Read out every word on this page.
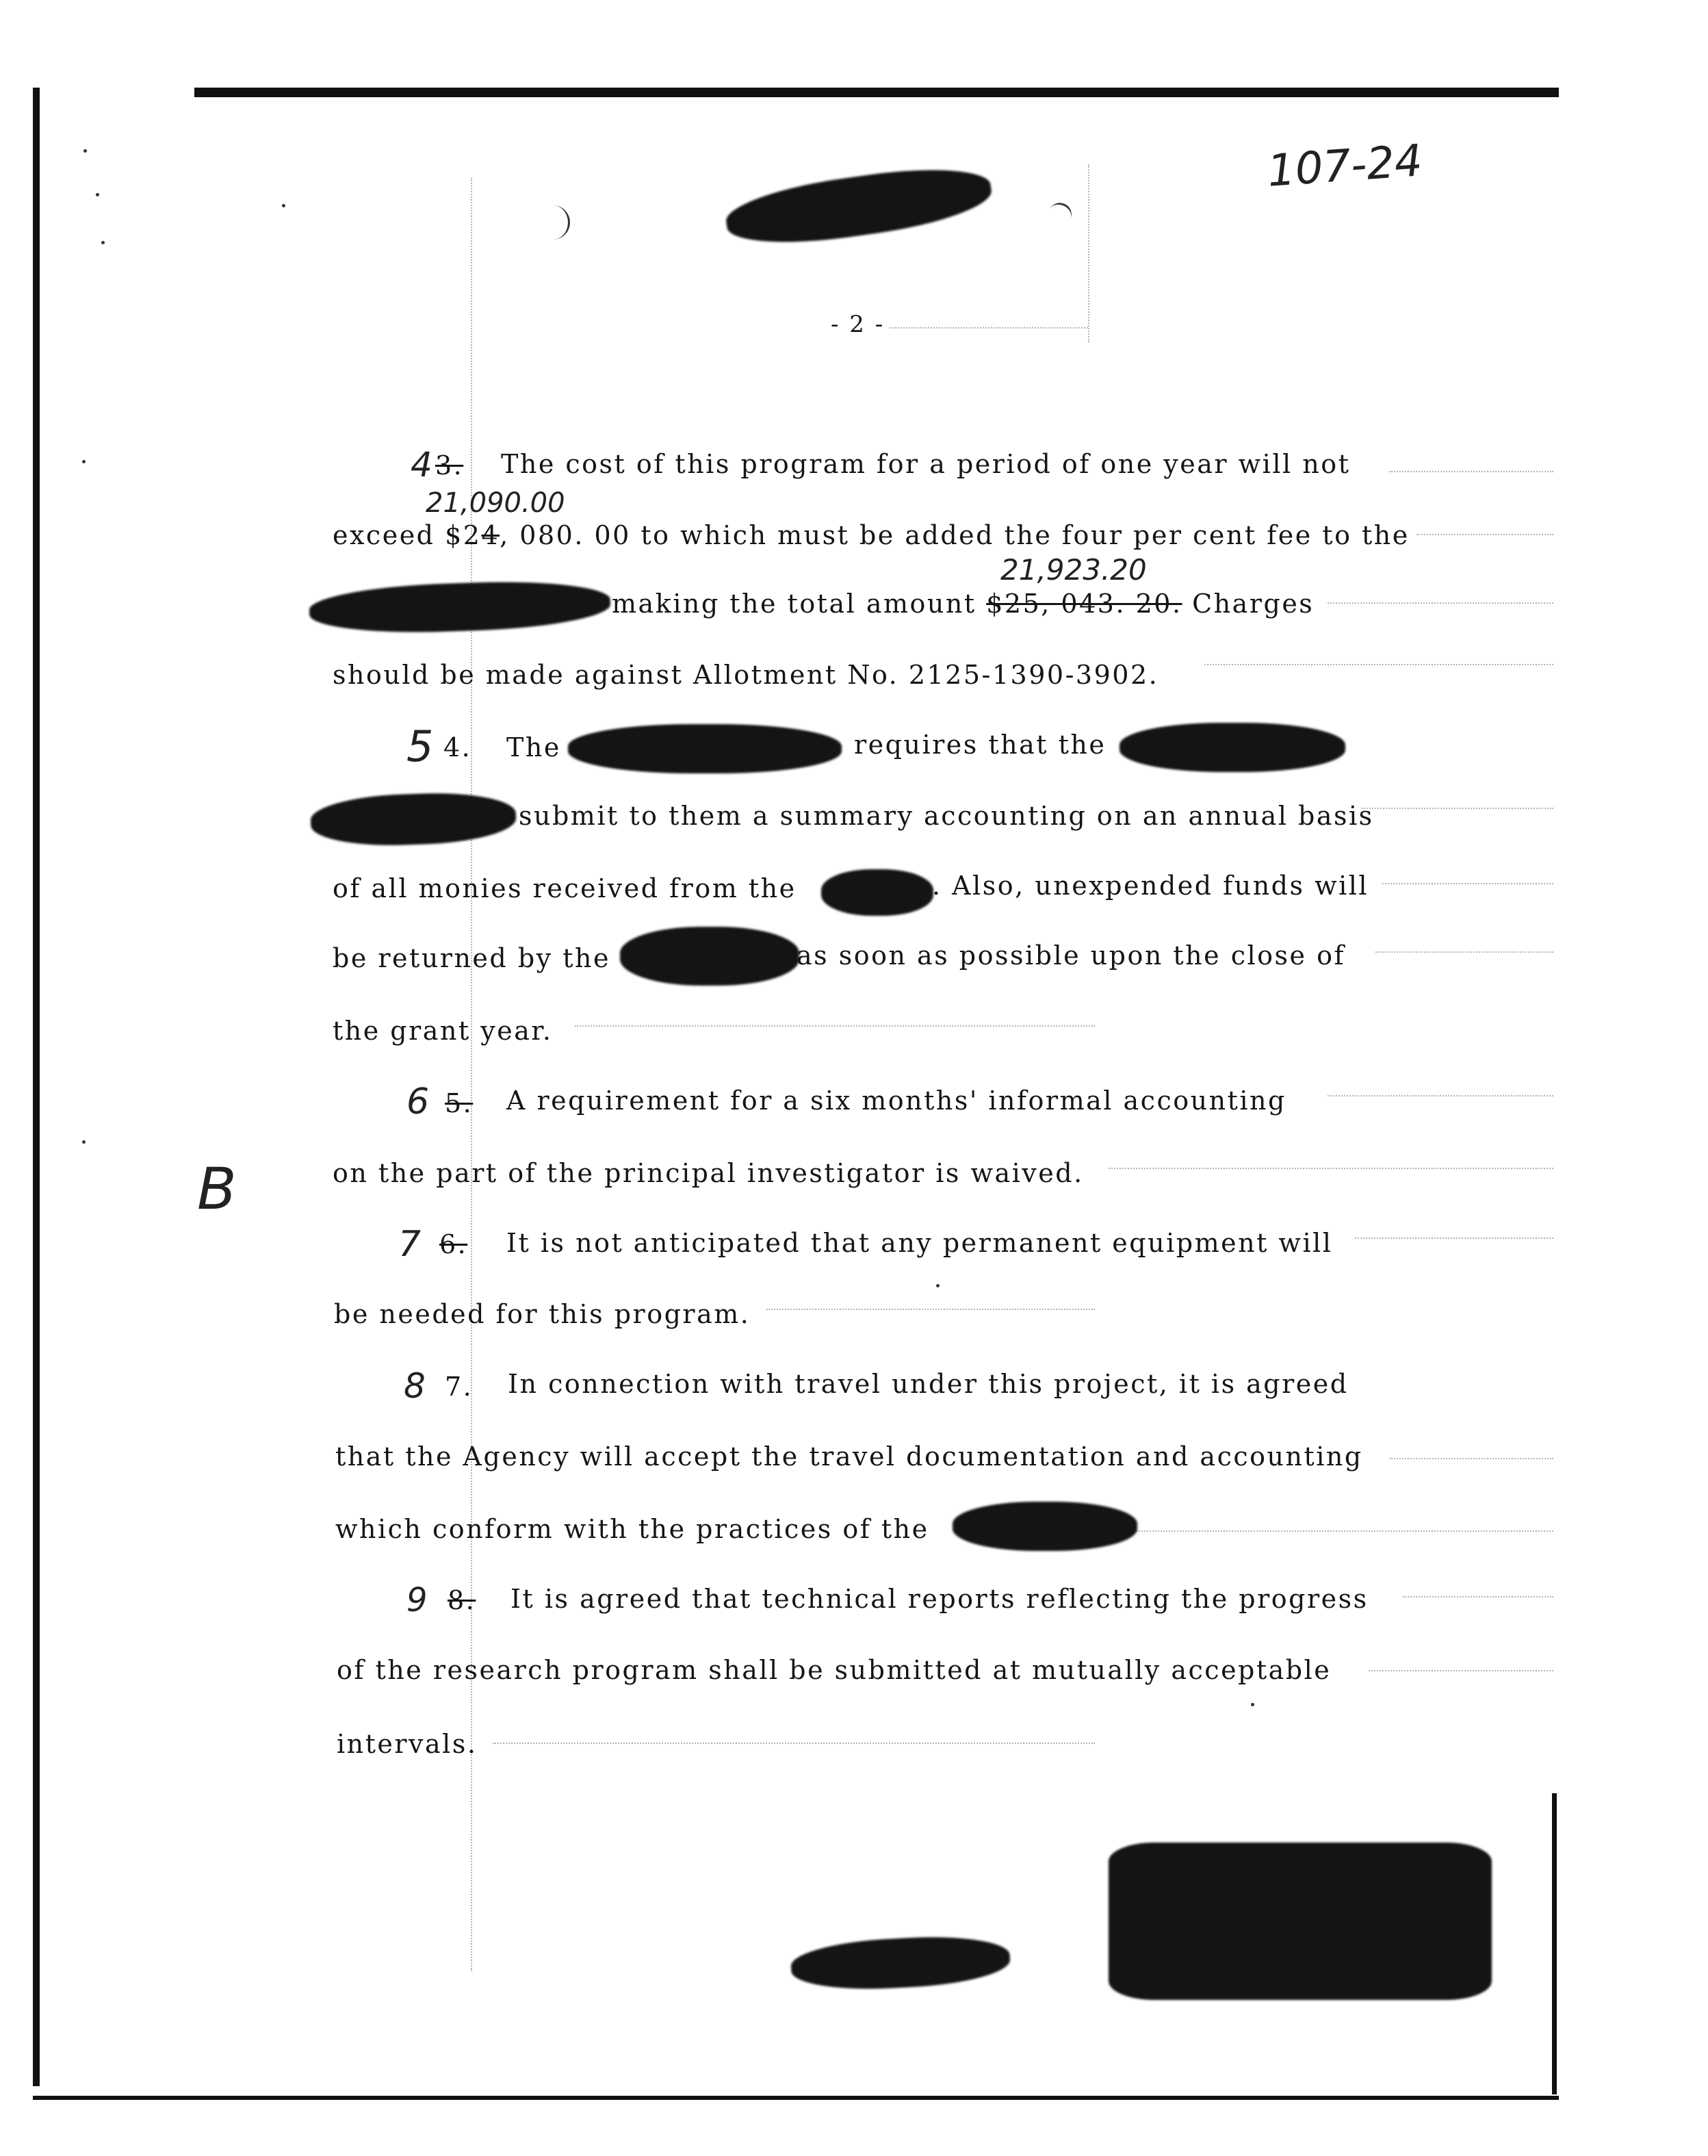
107-24
- 2 -
B
4 3. The cost of this program for a period of one year will not
21,090.00
exceed $24, 080. 00 to which must be added the four per cent fee to the
21,923.20
making the total amount $25, 043. 20. Charges
should be made against Allotment No. 2125-1390-3902.
5 4. The	requires that the
submit to them a summary accounting on an annual basis
of all monies received from the	. Also, unexpended funds will
be returned by the	as soon as possible upon the close of
the grant year.
6 5. A requirement for a six months' informal accounting
on the part of the principal investigator is waived.
7 6. It is not anticipated that any permanent equipment will
be needed for this program.
8 7. In connection with travel under this project, it is agreed
that the Agency will accept the travel documentation and accounting
which conform with the practices of the
9 8. It is agreed that technical reports reflecting the progress
of the research program shall be submitted at mutually acceptable
intervals.
